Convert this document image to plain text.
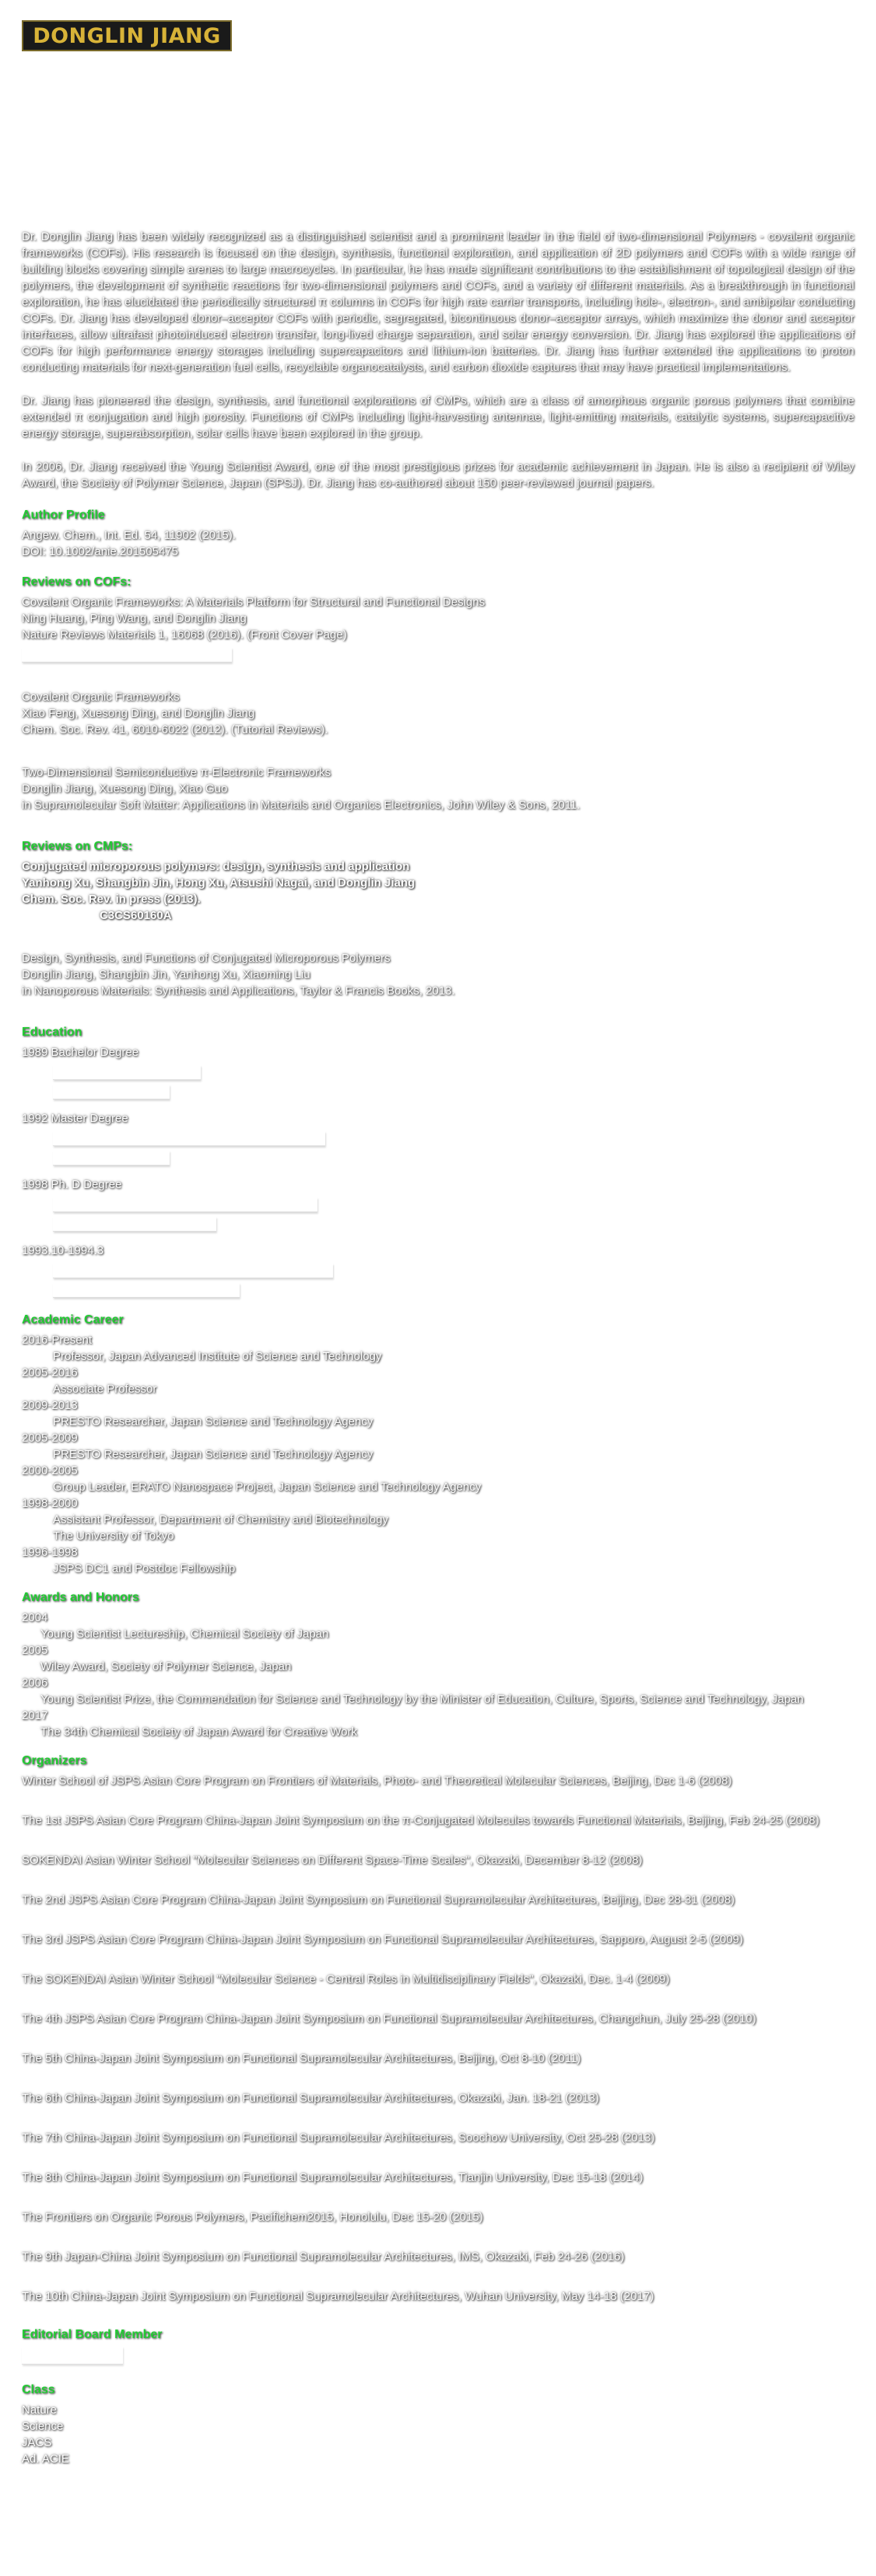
DONGLIN JIANG

Dr. Donglin Jiang has been widely recognized as a distinguished scientist and a prominent leader in the field of two-dimensional Polymers - covalent organic frameworks (COFs). His research is focused on the design, synthesis, functional exploration, and application of 2D polymers and COFs with a wide range of building blocks covering simple arenes to large macrocycles. In particular, he has made significant contributions to the establishment of topological design of the polymers, the development of synthetic reactions for two-dimensional polymers and COFs, and a variety of different materials. As a breakthrough in functional exploration, he has elucidated the periodically structured π columns in COFs for high rate carrier transports, including hole-, electron-, and ambipolar conducting COFs. Dr. Jiang has developed donor–acceptor COFs with periodic, segregated, bicontinuous donor–acceptor arrays, which maximize the donor and acceptor interfaces, allow ultrafast photoinduced electron transfer, long-lived charge separation, and solar energy conversion. Dr. Jiang has explored the applications of COFs for high performance energy storages including supercapacitors and lithium-ion batteries. Dr. Jiang has further extended the applications to proton conducting materials for next-generation fuel cells, recyclable organocatalysts, and carbon dioxide captures that may have practical implementations.

Dr. Jiang has pioneered the design, synthesis, and functional explorations of CMPs, which are a class of amorphous organic porous polymers that combine extended π conjugation and high porosity. Functions of CMPs including light-harvesting antennae, light-emitting materials, catalytic systems, supercapacitive energy storage, superabsorption, solar cells have been explored in the group.

In 2006, Dr. Jiang received the Young Scientist Award, one of the most prestigious prizes for academic achievement in Japan. He is also a recipient of Wiley Award, the Society of Polymer Science, Japan (SPSJ). Dr. Jiang has co-authored about 150 peer-reviewed journal papers.

Author Profile
Angew. Chem., Int. Ed. 54, 11902 (2015).
DOI: 10.1002/anie.201505475
Reviews on COFs:
Covalent Organic Frameworks: A Materials Platform for Structural and Functional Designs
Ning Huang, Ping Wang, and Donglin Jiang
Nature Reviews Materials 1, 16068 (2016). (Front Cover Page)
Covalent Organic Frameworks
Xiao Feng, Xuesong Ding, and Donglin Jiang
Chem. Soc. Rev. 41, 6010-6022 (2012). (Tutorial Reviews).
Two-Dimensional Semiconductive π-Electronic Frameworks
Donglin Jiang, Xuesong Ding, Xiao Guo
in Supramolecular Soft Matter: Applications in Materials and Organics Electronics, John Wiley & Sons, 2011.
Reviews on CMPs:
Conjugated microporous polymers: design, synthesis and application
Yanhong Xu, Shangbin Jin, Hong Xu, Atsushi Nagai, and Donglin Jiang
Chem. Soc. Rev. in press (2013).
C3CS60160A
Design, Synthesis, and Functions of Conjugated Microporous Polymers
Donglin Jiang, Shangbin Jin, Yanhong Xu, Xiaoming Liu
in Nanoporous Materials: Synthesis and Applications, Taylor & Francis Books, 2013.
Education
1989 Bachelor Degree
1992 Master Degree
1998 Ph. D Degree
1993.10-1994.3
Academic Career
2016-Present
Professor, Japan Advanced Institute of Science and Technology
2005-2016
Associate Professor
2009-2013
PRESTO Researcher, Japan Science and Technology Agency
2005-2009
PRESTO Researcher, Japan Science and Technology Agency
2000-2005
Group Leader, ERATO Nanospace Project, Japan Science and Technology Agency
1998-2000
Assistant Professor, Department of Chemistry and Biotechnology
The University of Tokyo
1996-1998
JSPS DC1 and Postdoc Fellowship
Awards and Honors
2004
Young Scientist Lectureship, Chemical Society of Japan
2005
Wiley Award, Society of Polymer Science, Japan
2006
Young Scientist Prize, the Commendation for Science and Technology by the Minister of Education, Culture, Sports, Science and Technology, Japan
2017
The 34th Chemical Society of Japan Award for Creative Work
Organizers
Winter School of JSPS Asian Core Program on Frontiers of Materials, Photo- and Theoretical Molecular Sciences, Beijing, Dec 1-6 (2008)
The 1st JSPS Asian Core Program China-Japan Joint Symposium on the π-Conjugated Molecules towards Functional Materials, Beijing, Feb 24-25 (2008)
SOKENDAI Asian Winter School "Molecular Sciences on Different Space-Time Scales", Okazaki, December 8-12 (2008)
The 2nd JSPS Asian Core Program China-Japan Joint Symposium on Functional Supramolecular Architectures, Beijing, Dec 28-31 (2008)
The 3rd JSPS Asian Core Program China-Japan Joint Symposium on Functional Supramolecular Architectures, Sapporo, August 2-5 (2009)
The SOKENDAI Asian Winter School "Molecular Science - Central Roles in Multidisciplinary Fields", Okazaki, Dec. 1-4 (2009)
The 4th JSPS Asian Core Program China-Japan Joint Symposium on Functional Supramolecular Architectures, Changchun, July 25-28 (2010)
The 5th China-Japan Joint Symposium on Functional Supramolecular Architectures, Beijing, Oct 8-10 (2011)
The 6th China-Japan Joint Symposium on Functional Supramolecular Architectures, Okazaki, Jan. 18-21 (2013)
The 7th China-Japan Joint Symposium on Functional Supramolecular Architectures, Soochow University, Oct 25-28 (2013)
The 8th China-Japan Joint Symposium on Functional Supramolecular Architectures, Tianjin University, Dec 15-18 (2014)
The Frontiers on Organic Porous Polymers, Pacifichem2015, Honolulu, Dec 15-20 (2015)
The 9th Japan-China Joint Symposium on Functional Supramolecular Architectures, IMS, Okazaki, Feb 24-26 (2016)
The 10th China-Japan Joint Symposium on Functional Supramolecular Architectures, Wuhan University, May 14-18 (2017)
Editorial Board Member
Class
Nature
Science
JACS
Ad. ACIE
